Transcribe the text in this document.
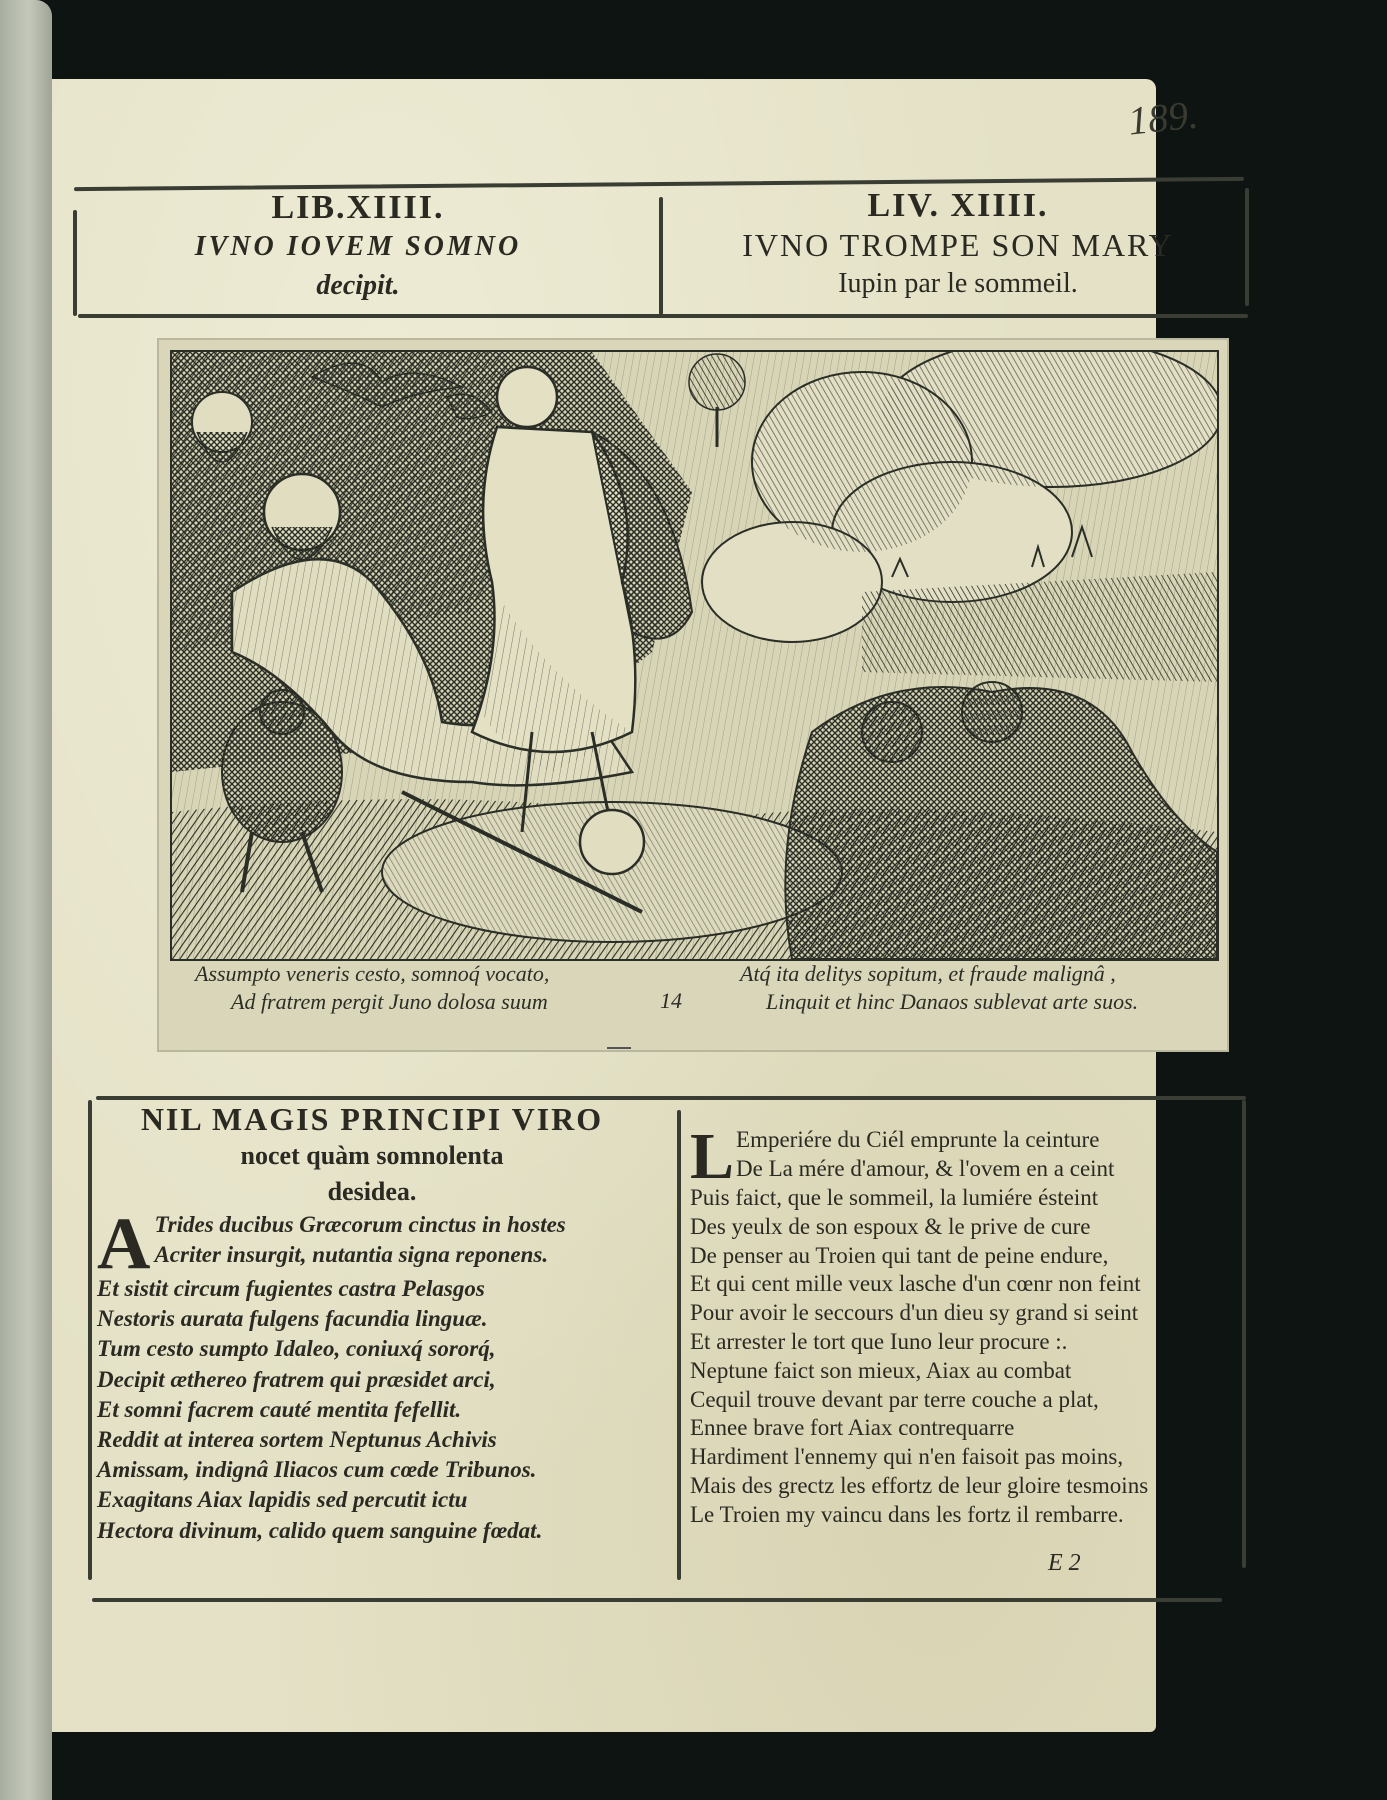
189.
LIB.XIIII.
IVNO IOVEM SOMNO
decipit.
LIV. XIIII.
IVNO TROMPE SON MARY
Iupin par le sommeil.
Assumpto veneris cesto, somnoq́ vocato,
Ad fratrem pergit Juno dolosa suum	14
Atq́ ita delitys sopitum, et fraude malignâ ,
Linquit et hinc Danaos sublevat arte suos.
NIL MAGIS PRINCIPI VIRO
nocet quàm somnolenta
desidea.
A Trides ducibus Græcorum cinctus in hostes
Acriter insurgit, nutantia signa reponens.
Et sistit circum fugientes castra Pelasgos
Nestoris aurata fulgens facundia linguæ.
Tum cesto sumpto Idaleo, coniuxq́ sororq́,
Decipit æthereo fratrem qui præsidet arci,
Et somni facrem cauté mentita fefellit.
Reddit at interea sortem Neptunus Achivis
Amissam, indignâ Iliacos cum cœde Tribunos.
Exagitans Aiax lapidis sed percutit ictu
Hectora divinum, calido quem sanguine fœdat.
L Emperiére du Ciél emprunte la ceinture
De La mére d'amour, & l'ovem en a ceint
Puis faict, que le sommeil, la lumiére ésteint
Des yeulx de son espoux & le prive de cure
De penser au Troien qui tant de peine endure,
Et qui cent mille veux lasche d'un cœnr non feint
Pour avoir le seccours d'un dieu sy grand si seint
Et arrester le tort que Iuno leur procure :.
Neptune faict son mieux, Aiax au combat
Cequil trouve devant par terre couche a plat,
Ennee brave fort Aiax contrequarre
Hardiment l'ennemy qui n'en faisoit pas moins,
Mais des grectz les effortz de leur gloire tesmoins
Le Troien my vaincu dans les fortz il rembarre.
E 2
